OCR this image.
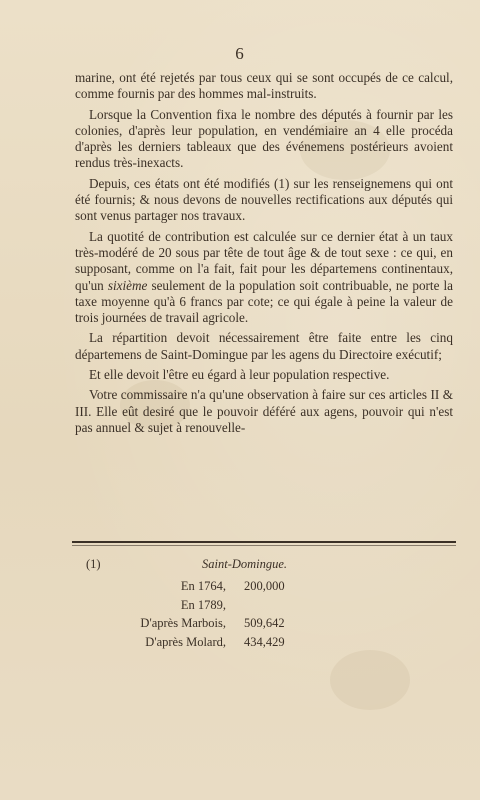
6

marine, ont été rejetés par tous ceux qui se sont occupés de ce calcul, comme fournis par des hommes mal-instruits.

Lorsque la Convention fixa le nombre des députés à fournir par les colonies, d'après leur population, en vendémiaire an 4 elle procéda d'après les derniers tableaux que des événemens postérieurs avoient rendus très-inexacts.

Depuis, ces états ont été modifiés (1) sur les renseignemens qui ont été fournis; & nous devons de nouvelles rectifications aux députés qui sont venus partager nos travaux.

La quotité de contribution est calculée sur ce dernier état à un taux très-modéré de 20 sous par tête de tout âge & de tout sexe : ce qui, en supposant, comme on l'a fait, fait pour les départemens continentaux, qu'un sixième seulement de la population soit contribuable, ne porte la taxe moyenne qu'à 6 francs par cote; ce qui égale à peine la valeur de trois journées de travail agricole.

La répartition devoit nécessairement être faite entre les cinq départemens de Saint-Domingue par les agens du Directoire exécutif;

Et elle devoit l'être eu égard à leur population respective.

Votre commissaire n'a qu'une observation à faire sur ces articles II & III. Elle eût desiré que le pouvoir déféré aux agens, pouvoir qui n'est pas annuel & sujet à renouvelle-

(1)	Saint-Domingue.
En 1764,	200,000
En 1789,
D'après Marbois,	509,642
D'après Molard,	434,429
